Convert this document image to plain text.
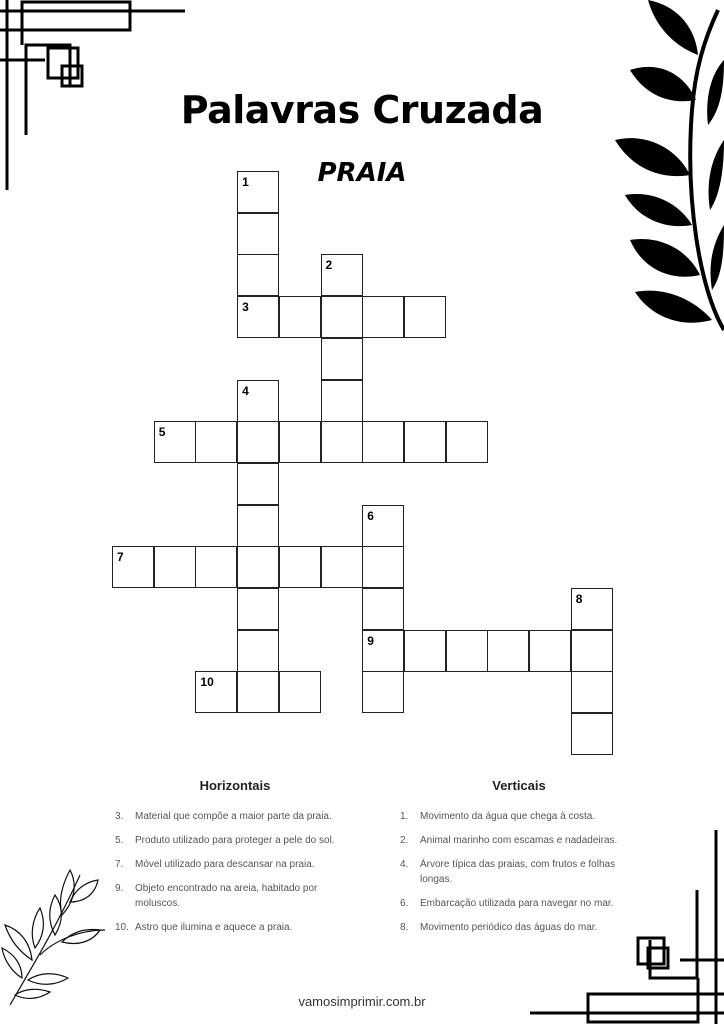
Palavras Cruzada
PRAIA
1
2
3
4
5
6
7
8
9
10
Horizontais
3. Material que compõe a maior parte da praia.
5. Produto utilizado para proteger a pele do sol.
7. Móvel utilizado para descansar na praia.
9. Objeto encontrado na areia, habitado por moluscos.
10. Astro que ilumina e aquece a praia.
Verticais
1. Movimento da água que chega à costa.
2. Animal marinho com escamas e nadadeiras.
4. Árvore típica das praias, com frutos e folhas longas.
6. Embarcação utilizada para navegar no mar.
8. Movimento periódico das águas do mar.
vamosimprimir.com.br
